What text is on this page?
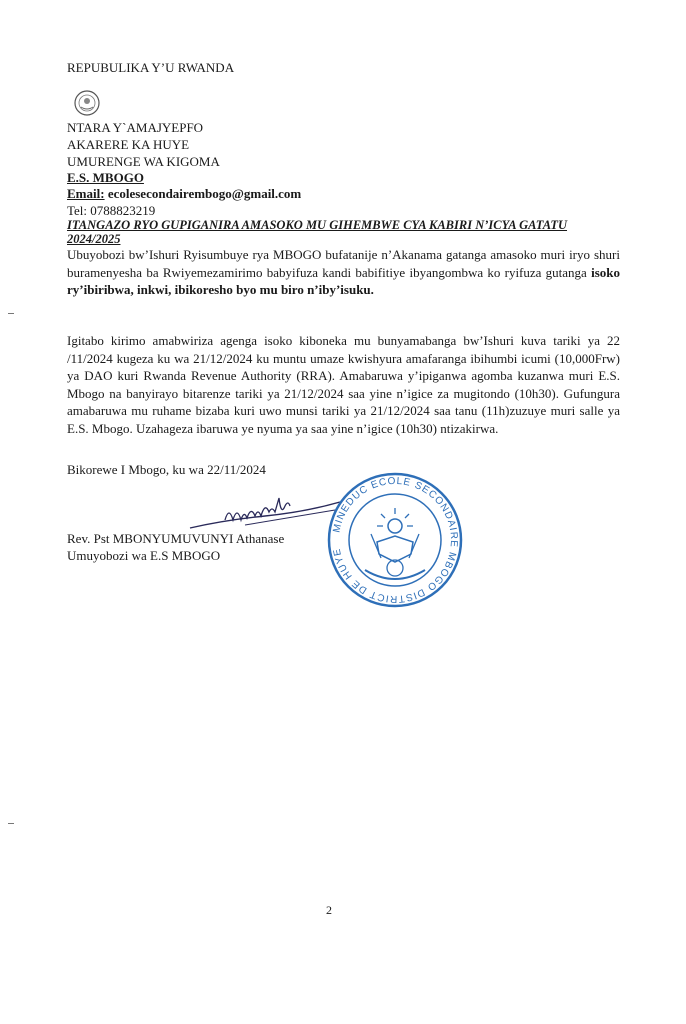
REPUBULIKA Y’U RWANDA
NTARA Y`AMAJYEPFO
AKARERE KA HUYE
UMURENGE WA KIGOMA
E.S. MBOGO
Email: ecolesecondairembogo@gmail.com
Tel: 0788823219
ITANGAZO RYO GUPIGANIRA AMASOKO MU GIHEMBWE CYA KABIRI N’ICYA GATATU 2024/2025
Ubuyobozi bw’Ishuri Ryisumbuye rya MBOGO bufatanije n’Akanama gatanga amasoko muri iryo shuri buramenyesha ba Rwiyemezamirimo babyifuza kandi babifitiye ibyangombwa ko ryifuza gutanga isoko ry’ibiribwa, inkwi, ibikoresho byo mu biro n’iby’isuku.
Igitabo kirimo amabwiriza agenga isoko kiboneka mu bunyamabanga bw’Ishuri kuva tariki ya 22 /11/2024 kugeza ku wa 21/12/2024 ku muntu umaze kwishyura amafaranga ibihumbi icumi (10,000Frw) ya DAO kuri Rwanda Revenue Authority (RRA). Amabaruwa y’ipiganwa agomba kuzanwa muri E.S. Mbogo na banyirayo bitarenze tariki ya 21/12/2024 saa yine n’igice za mugitondo (10h30). Gufungura amabaruwa mu ruhame bizaba kuri uwo munsi tariki ya 21/12/2024 saa tanu (11h)zuzuye muri salle ya E.S. Mbogo. Uzahageza ibaruwa ye nyuma ya saa yine n’igice (10h30) ntizakirwa.
Bikorewe I Mbogo, ku wa 22/11/2024
Rev. Pst MBONYUMUVUNYI Athanase
Umuyobozi wa E.S MBOGO
MINEDUC ECOLE SECONDAIRE MBOGO DISTRICT DE HUYE
2
